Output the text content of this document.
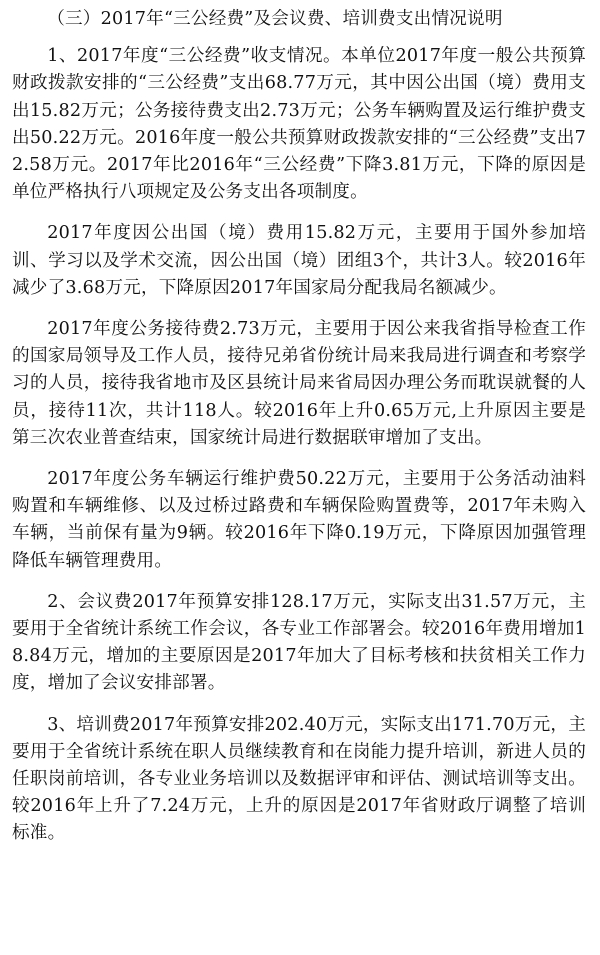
（三）2017年“三公经费”及会议费、培训费支出情况说明

1、2017年度“三公经费”收支情况。本单位2017年度一般公共预算财政拨款安排的“三公经费”支出68.77万元，其中因公出国（境）费用支出15.82万元；公务接待费支出2.73万元；公务车辆购置及运行维护费支出50.22万元。2016年度一般公共预算财政拨款安排的“三公经费”支出72.58万元。2017年比2016年“三公经费”下降3.81万元，下降的原因是单位严格执行八项规定及公务支出各项制度。

2017年度因公出国（境）费用15.82万元，主要用于国外参加培训、学习以及学术交流，因公出国（境）团组3个，共计3人。较2016年减少了3.68万元，下降原因2017年国家局分配我局名额减少。

2017年度公务接待费2.73万元，主要用于因公来我省指导检查工作的国家局领导及工作人员，接待兄弟省份统计局来我局进行调查和考察学习的人员，接待我省地市及区县统计局来省局因办理公务而耽误就餐的人员，接待11次，共计118人。较2016年上升0.65万元,上升原因主要是第三次农业普查结束，国家统计局进行数据联审增加了支出。

2017年度公务车辆运行维护费50.22万元，主要用于公务活动油料购置和车辆维修、以及过桥过路费和车辆保险购置费等，2017年未购入车辆，当前保有量为9辆。较2016年下降0.19万元，下降原因加强管理降低车辆管理费用。

2、会议费2017年预算安排128.17万元，实际支出31.57万元，主要用于全省统计系统工作会议，各专业工作部署会。较2016年费用增加18.84万元，增加的主要原因是2017年加大了目标考核和扶贫相关工作力度，增加了会议安排部署。

3、培训费2017年预算安排202.40万元，实际支出171.70万元，主要用于全省统计系统在职人员继续教育和在岗能力提升培训，新进人员的任职岗前培训，各专业业务培训以及数据评审和评估、测试培训等支出。较2016年上升了7.24万元，上升的原因是2017年省财政厅调整了培训标准。
